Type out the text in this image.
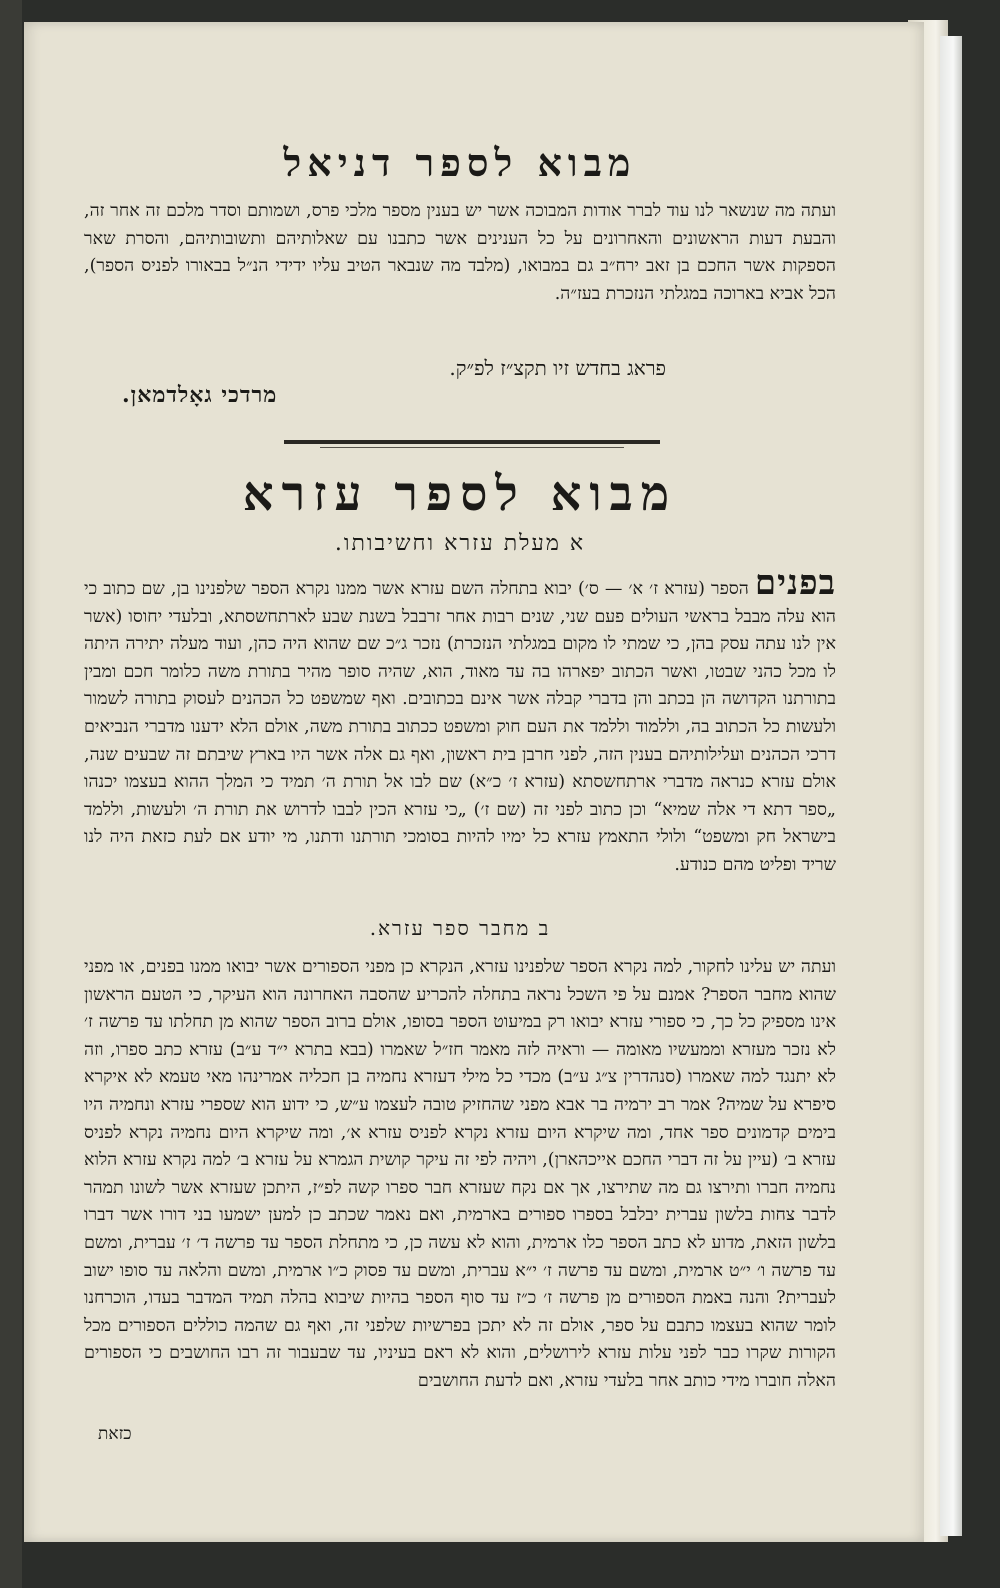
מבוא לספר דניאל

ועתה מה שנשאר לנו עוד לברר אודות המבוכה אשר יש בענין מספר מלכי פרס, ושמותם וסדר מלכם זה אחר זה, והבעת דעות הראשונים והאחרונים על כל הענינים אשר כתבנו עם שאלותיהם ותשובותיהם, והסרת שאר הספקות אשר החכם בן זאב ירח״ב גם במבואו, (מלבד מה שנבאר הטיב עליו ידידי הנ״ל בבאורו לפניס הספר), הכל אביא בארוכה במגלתי הנזכרת בעז״ה.

פראג בחדש זיו תקצ״ז לפ״ק.
מרדכי גאָלדמאן.
מבוא לספר עזרא
א מעלת עזרא וחשיבותו.

בפנים הספר (עזרא ז׳ א׳ — ס׳) יבוא בתחלה השם עזרא אשר ממנו נקרא הספר שלפנינו בן, שם כתוב כי הוא עלה מבבל בראשי העולים פעם שני, שנים רבות אחר זרבבל בשנת שבע לארתחשסתא, ובלעדי יחוסו (אשר אין לנו עתה עסק בהן, כי שמתי לו מקום במגלתי הנזכרת) נזכר ג״כ שם שהוא היה כהן, ועוד מעלה יתירה היתה לו מכל כהני שבטו, ואשר הכתוב יפארהו בה עד מאוד, הוא, שהיה סופר מהיר בתורת משה כלומר חכם ומבין בתורתנו הקדושה הן בכתב והן בדברי קבלה אשר אינם בכתובים. ואף שמשפט כל הכהנים לעסוק בתורה לשמור ולעשות כל הכתוב בה, וללמוד וללמד את העם חוק ומשפט ככתוב בתורת משה, אולם הלא ידענו מדברי הנביאים דרכי הכהנים ועלילותיהם בענין הזה, לפני חרבן בית ראשון, ואף גם אלה אשר היו בארץ שיבתם זה שבעים שנה, אולם עזרא כנראה מדברי ארתחשסתא (עזרא ז׳ כ״א) שם לבו אל תורת ה׳ תמיד כי המלך ההוא בעצמו יכנהו „ספר דתא די אלה שמיא“ וכן כתוב לפני זה (שם ז׳) „כי עזרא הכין לבבו לדרוש את תורת ה׳ ולעשות, וללמד בישראל חק ומשפט“ ולולי התאמץ עזרא כל ימיו להיות בסומכי תורתנו ודתנו, מי יודע אם לעת כזאת היה לנו שריד ופליט מהם כנודע.

ב מחבר ספר עזרא.

ועתה יש עלינו לחקור, למה נקרא הספר שלפנינו עזרא, הנקרא כן מפני הספורים אשר יבואו ממנו בפנים, או מפני שהוא מחבר הספר? אמנם על פי השכל נראה בתחלה להכריע שהסבה האחרונה הוא העיקר, כי הטעם הראשון אינו מספיק כל כך, כי ספורי עזרא יבואו רק במיעוט הספר בסופו, אולם ברוב הספר שהוא מן תחלתו עד פרשה ז׳ לא נזכר מעזרא וממעשיו מאומה — וראיה לזה מאמר חז״ל שאמרו (בבא בתרא י״ד ע״ב) עזרא כתב ספרו, וזה לא יתנגד למה שאמרו (סנהדרין צ״ג ע״ב) מכדי כל מילי דעזרא נחמיה בן חכליה אמרינהו מאי טעמא לא איקרא סיפרא על שמיה? אמר רב ירמיה בר אבא מפני שהחזיק טובה לעצמו ע״ש, כי ידוע הוא שספרי עזרא ונחמיה היו בימים קדמונים ספר אחד, ומה שיקרא היום עזרא נקרא לפניס עזרא א׳, ומה שיקרא היום נחמיה נקרא לפניס עזרא ב׳ (עיין על זה דברי החכם אייכהארן), ויהיה לפי זה עיקר קושית הגמרא על עזרא ב׳ למה נקרא עזרא הלוא נחמיה חברו ותירצו גם מה שתירצו, אך אם נקח שעזרא חבר ספרו קשה לפ״ז, היתכן שעזרא אשר לשונו תמהר לדבר צחות בלשון עברית יבלבל בספרו ספורים בארמית, ואם נאמר שכתב כן למען ישמעו בני דורו אשר דברו בלשון הזאת, מדוע לא כתב הספר כלו ארמית, והוא לא עשה כן, כי מתחלת הספר עד פרשה ד׳ ז׳ עברית, ומשם עד פרשה ו׳ י״ט ארמית, ומשם עד פרשה ז׳ י״א עברית, ומשם עד פסוק כ״ו ארמית, ומשם והלאה עד סופו ישוב לעברית? והנה באמת הספורים מן פרשה ז׳ כ״ז עד סוף הספר בהיות שיבוא בהלה תמיד המדבר בעדו, הוכרחנו לומר שהוא בעצמו כתבם על ספר, אולם זה לא יתכן בפרשיות שלפני זה, ואף גם שהמה כוללים הספורים מכל הקורות שקרו כבר לפני עלות עזרא לירושלים, והוא לא ראם בעיניו, עד שבעבור זה רבו החושבים כי הספורים האלה חוברו מידי כותב אחר בלעדי עזרא, ואם לדעת החושבים

כזאת
